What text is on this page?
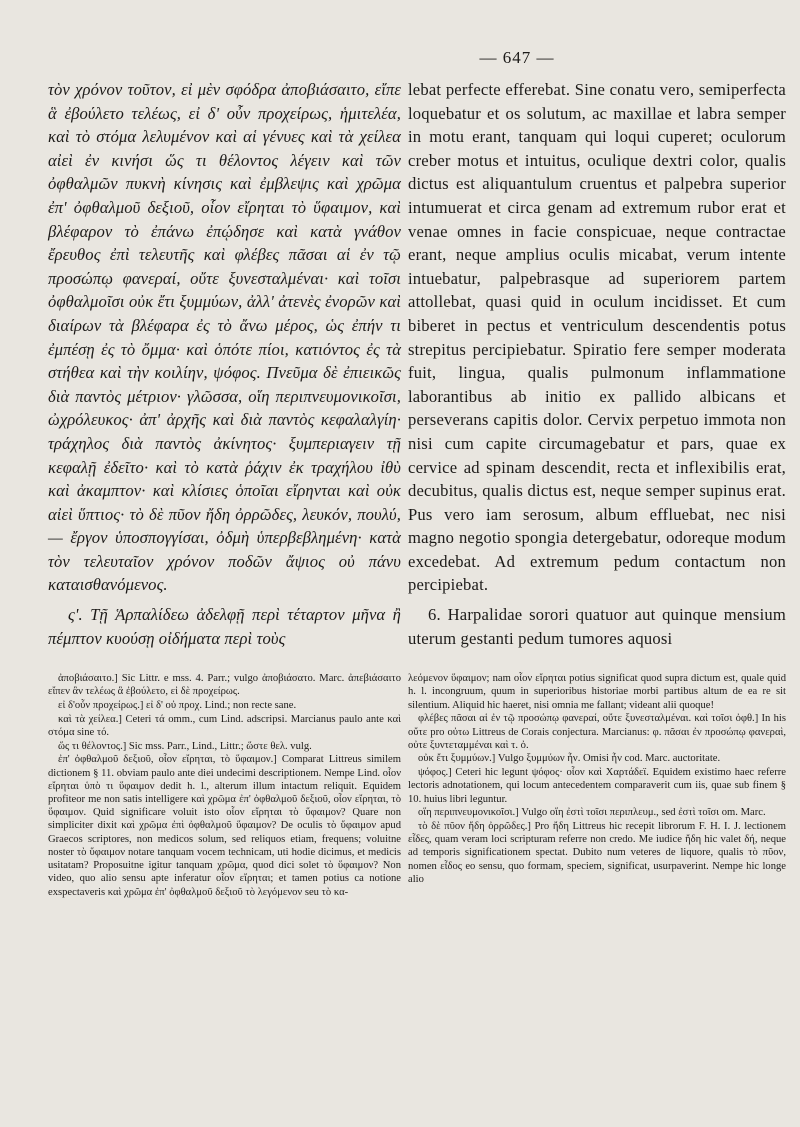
— 647 —

τὸν χρόνον τοῦτον, εἰ μὲν σφόδρα ἀποβιάσαιτο, εἴπε ἃ ἐβούλετο τελέως, εἰ δ' οὖν προχείρως, ἡμιτελέα, καὶ τὸ στόμα λελυμένον καὶ αἱ γένυες καὶ τὰ χείλεα αἰεὶ ἐν κινήσι ὥς τι θέλοντος λέγειν καὶ τῶν ὀφθαλμῶν πυκνὴ κίνησις καὶ ἐμβλεψις καὶ χρῶμα ἐπ' ὀφθαλμοῦ δεξιοῦ, οἷον εἴρηται τὸ ὕφαιμον, καὶ βλέφαρον τὸ ἐπάνω ἐπῴδησε καὶ κατὰ γνάθον ἔρευθος ἐπὶ τελευτῆς καὶ φλέβες πᾶσαι αἱ ἐν τῷ προσώπῳ φανεραί, οὔτε ξυνεσταλμέναι· καὶ τοῖσι ὀφθαλμοῖσι οὐκ ἔτι ξυμμύων, ἀλλ' ἀτενὲς ἐνορῶν καὶ διαίρων τὰ βλέφαρα ἐς τὸ ἄνω μέρος, ὡς ἐπήν τι ἐμπέσῃ ἐς τὸ ὄμμα· καὶ ὁπότε πίοι, κατιόντος ἐς τὰ στήθεα καὶ τὴν κοιλίην, ψόφος. Πνεῦμα δὲ ἐπιεικῶς διὰ παντὸς μέτριον· γλῶσσα, οἵη περιπνευμονικοῖσι, ὠχρόλευκος· ἀπ' ἀρχῆς καὶ διὰ παντὸς κεφαλαλγίη· τράχηλος διὰ παντὸς ἀκίνητος· ξυμπεριαγειν τῇ κεφαλῇ ἐδεῖτο· καὶ τὸ κατὰ ῥάχιν ἐκ τραχήλου ἰθὺ καὶ ἀκαμπτον· καὶ κλίσιες ὁποῖαι εἴρηνται καὶ οὐκ αἰεὶ ὕπτιος· τὸ δὲ πῦον ἤδη ὀρρῶδες, λευκόν, πουλύ, — ἔργον ὑποσπογγίσαι, ὀδμὴ ὑπερβεβλημένη· κατὰ τὸν τελευταῖον χρόνον ποδῶν ἄψιος οὐ πάνυ καταισθανόμενος.

ς'. Τῇ Ἁρπαλίδεω ἀδελφῇ περὶ τέταρτον μῆνα ἢ πέμπτον κυούσῃ οἰδήματα περὶ τοὺς

ἀποβιάσαιτο.] Sic Littr. e mss. 4. Parr.; vulgo ἀποβιάσατο. Marc. ἀπεβιάσαιτο εἴπεν ἂν τελέως ἃ ἐβούλετο, εἰ δὲ προχείρως.

εἰ δ'οὖν προχείρως.] εἰ δ' οὐ προχ. Lind.; non recte sane.

καὶ τὰ χείλεα.] Ceteri τά omm., cum Lind. adscripsi. Marcianus paulo ante καὶ στόμα sine τό.

ὥς τι θέλοντος.] Sic mss. Parr., Lind., Littr.; ὥστε θελ. vulg.

ἐπ' ὀφθαλμοῦ δεξιοῦ, οἷον εἴρηται, τὸ ὕφαιμον.] Comparat Littreus similem dictionem § 11. obviam paulo ante diei undecimi descriptionem. Nempe Lind. οἷον εἴρηται ὑπὸ τι ὕφαιμον dedit h. l., alterum illum intactum reliquit. Equidem profiteor me non satis intelligere καὶ χρῶμα ἐπ' ὀφθαλμοῦ δεξιοῦ, οἷον εἴρηται, τὸ ὕφαιμον. Quid significare voluit isto οἷον εἴρηται τὸ ὕφαιμον? Quare non simpliciter dixit καὶ χρῶμα ἐπὶ ὀφθαλμοῦ ὕφαιμον? De oculis τὸ ὕφαιμον apud Graecos scriptores, non medicos solum, sed reliquos etiam, frequens; voluitne noster τὸ ὕφαιμον notare tanquam vocem technicam, uti hodie dicimus, et medicis usitatam? Proposuitne igitur tanquam χρῶμα, quod dici solet τὸ ὕφαιμον? Non video, quo alio sensu apte inferatur οἷον εἴρηται; et tamen potius ca notione exspectaveris καὶ χρῶμα ἐπ' ὀφθαλμοῦ δεξιοῦ τὸ λεγόμενον seu τὸ κα-

lebat perfecte efferebat. Sine conatu vero, semiperfecta loquebatur et os solutum, ac maxillae et labra semper in motu erant, tanquam qui loqui cuperet; oculorum creber motus et intuitus, oculique dextri color, qualis dictus est aliquantulum cruentus et palpebra superior intumuerat et circa genam ad extremum rubor erat et venae omnes in facie conspicuae, neque contractae erant, neque amplius oculis micabat, verum intente intuebatur, palpebrasque ad superiorem partem attollebat, quasi quid in oculum incidisset. Et cum biberet in pectus et ventriculum descendentis potus strepitus percipiebatur. Spiratio fere semper moderata fuit, lingua, qualis pulmonum inflammatione laborantibus ab initio ex pallido albicans et perseverans capitis dolor. Cervix perpetuo immota non nisi cum capite circumagebatur et pars, quae ex cervice ad spinam descendit, recta et inflexibilis erat, decubitus, qualis dictus est, neque semper supinus erat. Pus vero iam serosum, album effluebat, nec nisi magno negotio spongia detergebatur, odoreque modum excedebat. Ad extremum pedum contactum non percipiebat.

6. Harpalidae sorori quatuor aut quinque mensium uterum gestanti pedum tumores aquosi

λεόμενον ὕφαιμον; nam οἷον εἴρηται potius significat quod supra dictum est, quale quid h. l. incongruum, quum in superioribus historiae morbi partibus altum de ea re sit silentium. Aliquid hic haeret, nisi omnia me fallant; videant alii quoque!

φλέβες πᾶσαι αἱ ἐν τῷ προσώπῳ φανεραί, οὔτε ξυνεσταλμέναι. καὶ τοῖσι ὀφθ.] In his οὔτε pro οὐτω Littreus de Corais conjectura. Marcianus: φ. πᾶσαι ἐν προσώπῳ φανεραὶ, οὐτε ξυντεταμμέναι καὶ τ. ὀ.

οὐκ ἔτι ξυμμύων.] Vulgo ξυμμύων ἦν. Omisi ἦν cod. Marc. auctoritate.

ψόφος.] Ceteri hic legunt ψόφος· οἷον καὶ Χαρτάδεϊ. Equidem existimo haec referre lectoris adnotationem, qui locum antecedentem comparaverit cum iis, quae sub finem § 10. huius libri leguntur.

οἵη περιπνευμονικοῖσι.] Vulgo οἵη ἐστὶ τοῖσι περιπλευμ., sed ἐστὶ τοῖσι om. Marc.

τὸ δὲ πῦον ἤδη ὀρρῶδες.] Pro ἤδη Littreus hic recepit librorum F. H. I. J. lectionem εἶδες, quam veram loci scripturam referre non credo. Me iudice ἤδη hic valet δή, neque ad temporis significationem spectat. Dubito num veteres de liquore, qualis τὸ πῦον, nomen εἶδος eo sensu, quo formam, speciem, significat, usurpaverint. Nempe hic longe alio
